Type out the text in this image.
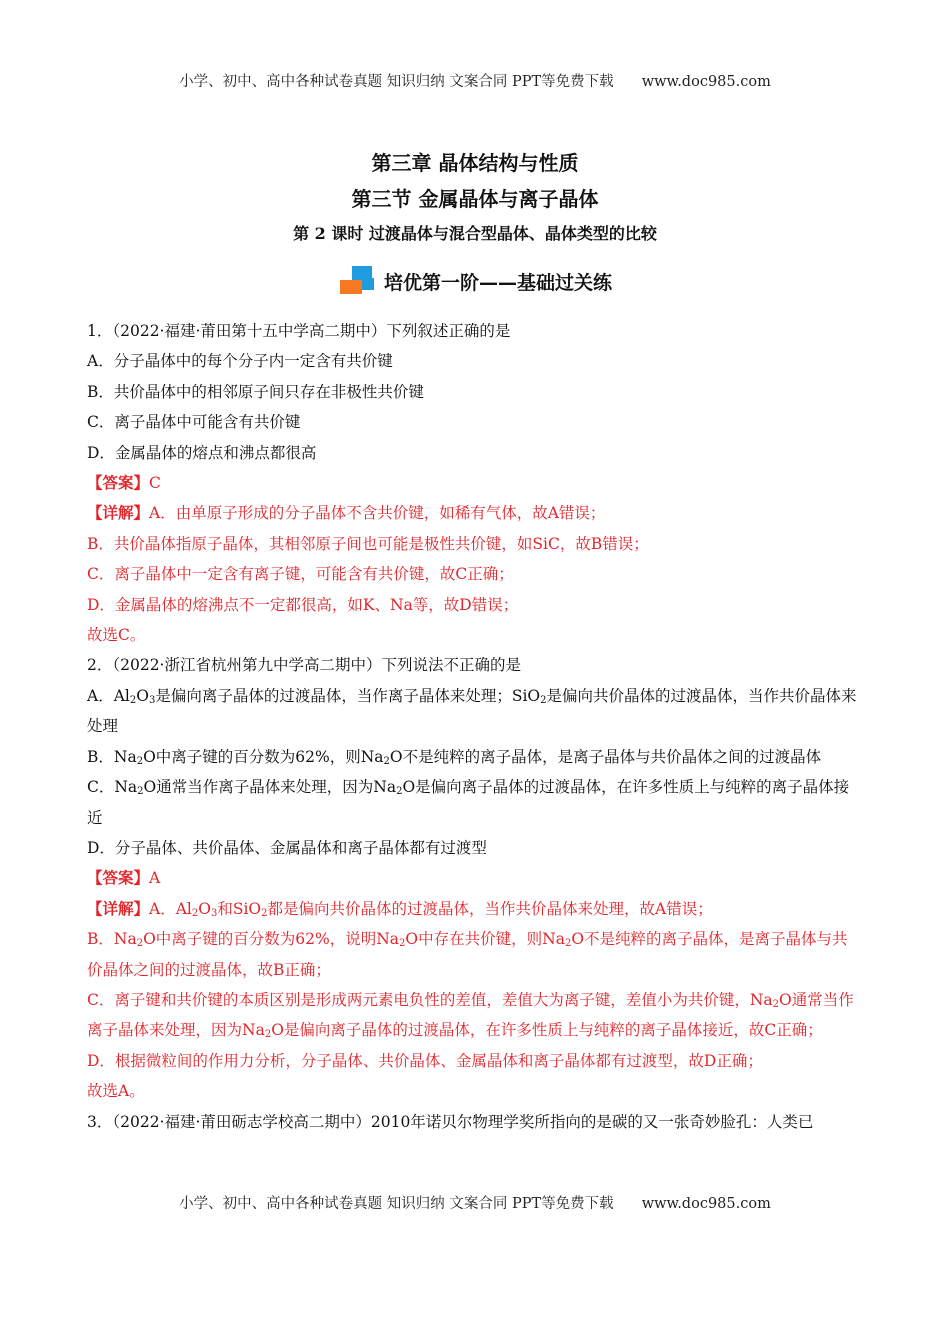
小学、初中、高中各种试卷真题 知识归纳 文案合同 PPT等免费下载 www.doc985.com
第三章 晶体结构与性质
第三节 金属晶体与离子晶体
第 2 课时 过渡晶体与混合型晶体、晶体类型的比较
培优第一阶——基础过关练
1．（2022·福建·莆田第十五中学高二期中）下列叙述正确的是
A．分子晶体中的每个分子内一定含有共价键
B．共价晶体中的相邻原子间只存在非极性共价键
C．离子晶体中可能含有共价键
D．金属晶体的熔点和沸点都很高
【答案】C
【详解】A．由单原子形成的分子晶体不含共价键，如稀有气体，故A错误；
B．共价晶体指原子晶体，其相邻原子间也可能是极性共价键，如SiC，故B错误；
C．离子晶体中一定含有离子键，可能含有共价键，故C正确；
D．金属晶体的熔沸点不一定都很高，如K、Na等，故D错误；
故选C。
2．（2022·浙江省杭州第九中学高二期中）下列说法不正确的是
A．$Al_2O_3$是偏向离子晶体的过渡晶体，当作离子晶体来处理；SiO$_2$是偏向共价晶体的过渡晶体，当作共价晶体来处理
B．$Na_2O$中离子键的百分数为62%，则$Na_2O$不是纯粹的离子晶体，是离子晶体与共价晶体之间的过渡晶体
C．$Na_2O$通常当作离子晶体来处理，因为$Na_2O$是偏向离子晶体的过渡晶体，在许多性质上与纯粹的离子晶体接近
D．分子晶体、共价晶体、金属晶体和离子晶体都有过渡型
【答案】A
【详解】A．$Al_2O_3$和SiO$_2$都是偏向共价晶体的过渡晶体，当作共价晶体来处理，故A错误；
B．$Na_2O$中离子键的百分数为62%，说明$Na_2O$中存在共价键，则$Na_2O$不是纯粹的离子晶体，是离子晶体与共价晶体之间的过渡晶体，故B正确；
C．离子键和共价键的本质区别是形成两元素电负性的差值，差值大为离子键，差值小为共价键，$Na_2O$通常当作离子晶体来处理，因为$Na_2O$是偏向离子晶体的过渡晶体，在许多性质上与纯粹的离子晶体接近，故C正确；
D．根据微粒间的作用力分析，分子晶体、共价晶体、金属晶体和离子晶体都有过渡型，故D正确；
故选A。
3．（2022·福建·莆田砺志学校高二期中）2010年诺贝尔物理学奖所指向的是碳的又一张奇妙脸孔：人类已
小学、初中、高中各种试卷真题 知识归纳 文案合同 PPT等免费下载 www.doc985.com
